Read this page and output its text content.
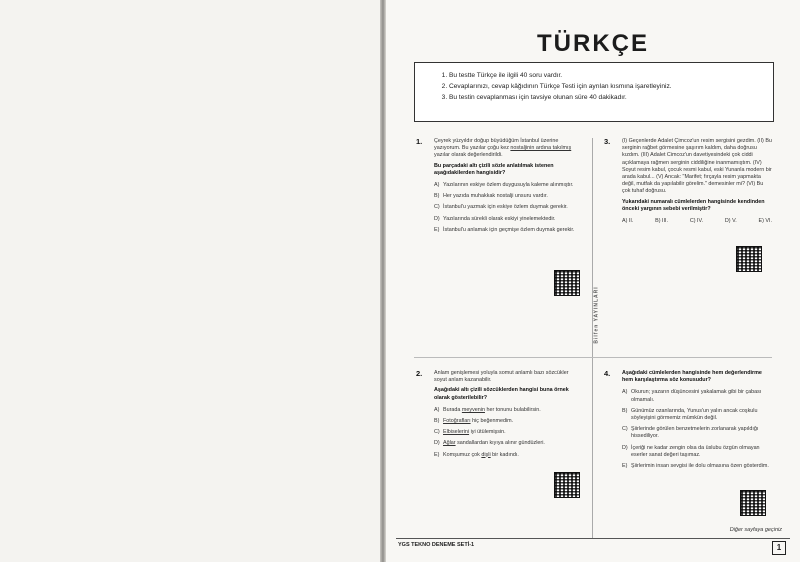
TÜRKÇE
1. Bu testte Türkçe ile ilgili 40 soru vardır.
2. Cevaplarınızı, cevap kâğıdının Türkçe Testi için ayrılan kısmına işaretleyiniz.
3. Bu testin cevaplanması için tavsiye olunan süre 40 dakikadır.
1. Çeyrek yüzyıldır doğup büyüdüğüm İstanbul üzerine yazıyorum. Bu yazılar çoğu kez nostaljinin ardına takılmış yazılar olarak değerlendirildi.

Bu parçadaki altı çizili sözle anlatılmak istenen aşağıdakilerden hangisidir?

A) Yazılarının eskiye özlem duygusuyla kaleme alınmıştır.
B) Her yazıda muhakkak nostalji unsuru vardır.
C) İstanbul'u yazmak için eskiye özlem duymak gerekir.
D) Yazılarında sürekli olarak eskiyi yinelemektedir.
E) İstanbul'u anlamak için geçmişe özlem duymak gerekir.
3. (I) Geçenlerde Adalet Çimcoz'un resim sergisini gezdim. (II) Bu serginin rağbet görmesine şaşırım kaldım, daha doğrusu kızdım. (III) Adalet Cimcoz'un davetiyesindeki çok ciddi açıklamaya rağmen serginin ciddiliğine inanmamıştım. (IV) Soyut resim kabul, çocuk resmi kabul, eski Yunanla modern bir arada kabul... (V) Ancak: "Marifet; fırçayla resim yapmakta değil, mutfak da yapılabilir görelim." demesinler mi? (VI) Bu çok tuhaf doğrusu.

Yukarıdaki numaralı cümlelerden hangisinde kendinden önceki yargının sebebi verilmiştir?

A) II.	B) III.	C) IV.	D) V.	E) VI.
Bilfen YAYINLARI
2. Anlam genişlemesi yoluyla somut anlamlı bazı sözcükler soyut anlam kazanabilir.

Aşağıdaki altı çizili sözcüklerden hangisi buna örnek olarak gösterilebilir?

A) Burada meyvenin her tonunu bulabilirsin.
B) Fotoğrafları hiç beğenmedim.
C) Elbiselerini iyi ütülemişsin.
D) Ağlar sandallardan kıyıya alınır gündüzleri.
E) Komşumuz çok dişli bir kadındı.
4. Aşağıdaki cümlelerden hangisinde hem değerlendirme hem karşılaştırma söz konusudur?

A) Okurun; yazarın düşüncesini yakalamak gibi bir çabası olmamalı.
B) Günümüz ozanlarında, Yunus'un yalın ancak coşkulu söyleyişini görmemiz mümkün değil.
C) Şiirlerinde görülen benzetmelerin zorlanarak yapıldığı hissediliyor.
D) İçeriği ne kadar zengin olsa da üslubu özgün olmayan eserler sanat değeri taşımaz.
E) Şiirlerimin insan sevgisi ile dolu olmasına özen gösterdim.
Diğer sayfaya geçiniz
YGS TEKNO DENEME SETİ-1	1
